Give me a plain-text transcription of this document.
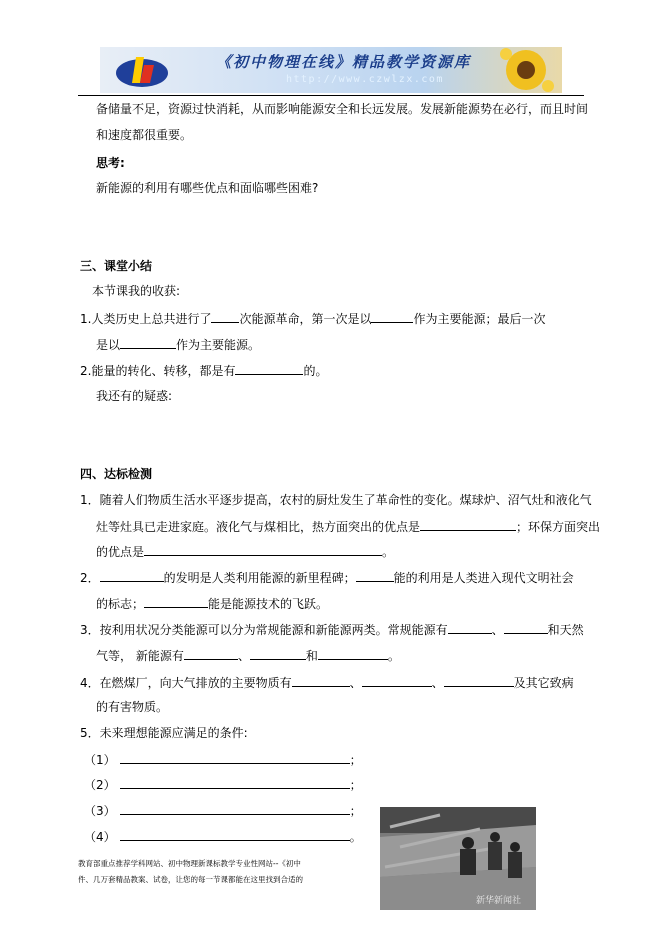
《初中物理在线》精品教学资源库
http://www.czwlzx.com
备储量不足，资源过快消耗，从而影响能源安全和长远发展。发展新能源势在必行，而且时间
和速度都很重要。
思考:
新能源的利用有哪些优点和面临哪些困难?
三、课堂小结
本节课我的收获:
1.人类历史上总共进行了 次能源革命，第一次是以	作为主要能源；最后一次
是以	作为主要能源。
2.能量的转化、转移，都是有	的。
我还有的疑惑:
四、达标检测
1．随着人们物质生活水平逐步提高，农村的厨灶发生了革命性的变化。煤球炉、沼气灶和液化气
灶等灶具已走进家庭。液化气与煤相比，热方面突出的优点是	；环保方面突出
的优点是	。
2．	的发明是人类利用能源的新里程碑；	能的利用是人类进入现代文明社会
的标志；	能是能源技术的飞跃。
3．按利用状况分类能源可以分为常规能源和新能源两类。常规能源有	、	和天然
气等， 新能源有	、	和	。
4．在燃煤厂，向大气排放的主要物质有	、	、	及其它致病
的有害物质。
5．未来理想能源应满足的条件:
（1）	；
（2）	；
（3）	；
（4）	。
教育部重点推荐学科网站、初中物理新课标教学专业性网站--《初中
件、几万套精品教案、试卷，让您的每一节课都能在这里找到合适的
新华新闻社
